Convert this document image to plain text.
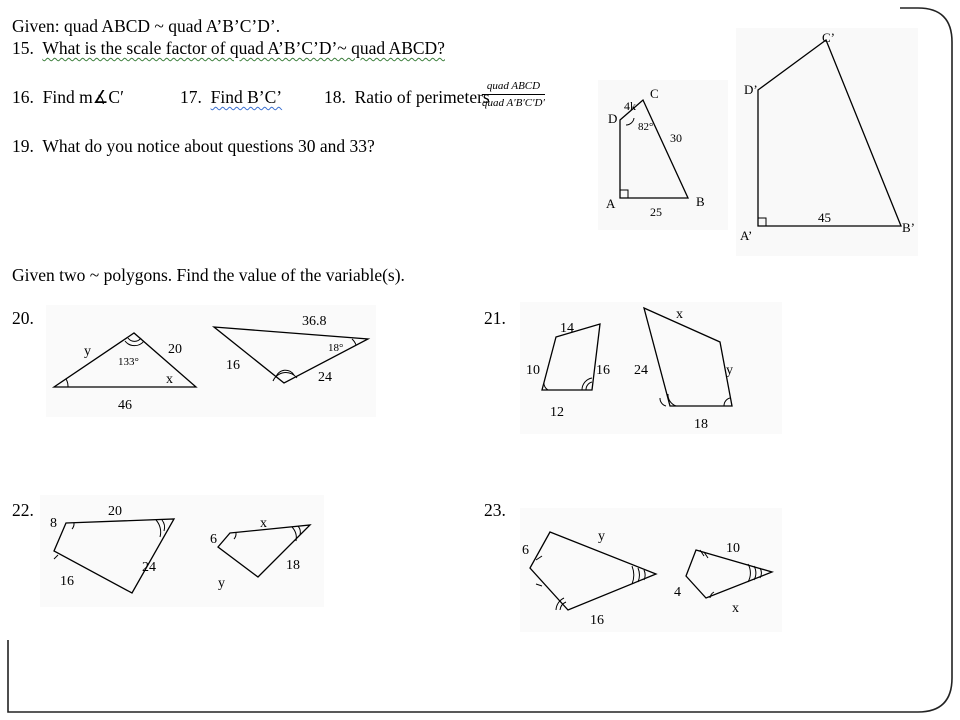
Given: quad ABCD ~ quad A’B’C’D’.
15. What is the scale factor of quad A’B’C’D’~ quad ABCD?
16. Find m∡C′	17. Find B’C’ 18. Ratio of perimeters
quad ABCD
quad A′B′C′D′
19. What do you notice about questions 30 and 33?
Given two ~ polygons. Find the value of the variable(s).
20.	21.
22.	23.
D
C
A	B
4k
82°
30
25
D’
C’
A’
B’
45
y
133°
20
x
46
36.8
18°
16
24
14
10	16
12
x
24	y
18
20
8
24
16
6
x
18
y
6
y
16
10
4
x
